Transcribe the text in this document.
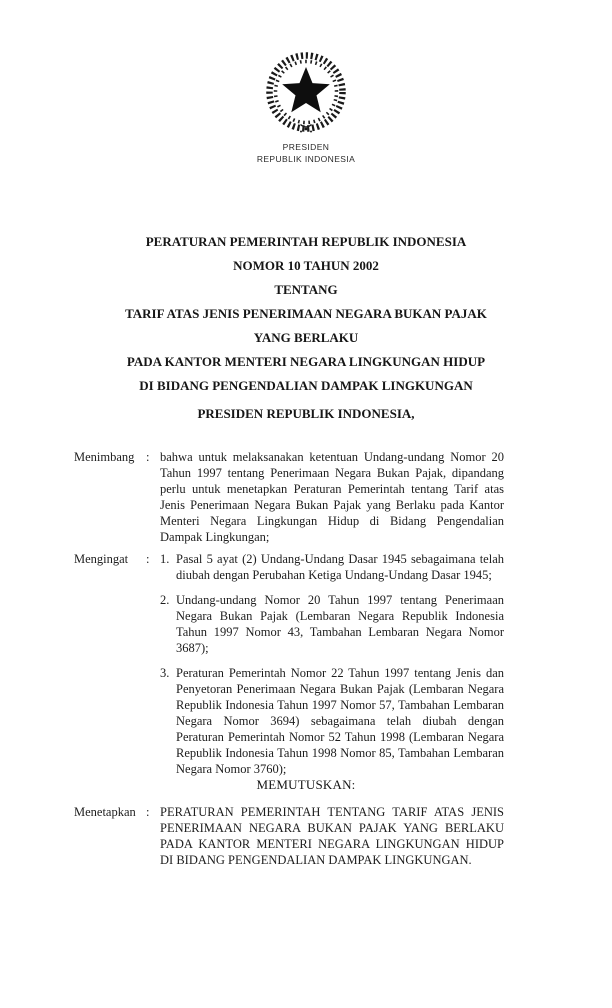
PRESIDEN
REPUBLIK INDONESIA
PERATURAN PEMERINTAH REPUBLIK INDONESIA
NOMOR 10 TAHUN 2002
TENTANG
TARIF ATAS JENIS PENERIMAAN NEGARA BUKAN PAJAK
YANG BERLAKU
PADA KANTOR MENTERI NEGARA LINGKUNGAN HIDUP
DI BIDANG PENGENDALIAN DAMPAK LINGKUNGAN
PRESIDEN REPUBLIK INDONESIA,
Menimbang : bahwa untuk melaksanakan ketentuan Undang-undang Nomor 20 Tahun 1997 tentang Penerimaan Negara Bukan Pajak, dipandang perlu untuk menetapkan Peraturan Pemerintah tentang Tarif atas Jenis Penerimaan Negara Bukan Pajak yang Berlaku pada Kantor Menteri Negara Lingkungan Hidup di Bidang Pengendalian Dampak Lingkungan;
Mengingat	: 1. Pasal 5 ayat (2) Undang-Undang Dasar 1945 sebagaimana telah diubah dengan Perubahan Ketiga Undang-Undang Dasar 1945;
2. Undang-undang Nomor 20 Tahun 1997 tentang Penerimaan Negara Bukan Pajak (Lembaran Negara Republik Indonesia Tahun 1997 Nomor 43, Tambahan Lembaran Negara Nomor 3687);
3. Peraturan Pemerintah Nomor 22 Tahun 1997 tentang Jenis dan Penyetoran Penerimaan Negara Bukan Pajak (Lembaran Negara Republik Indonesia Tahun 1997 Nomor 57, Tambahan Lembaran Negara Nomor 3694) sebagaimana telah diubah dengan Peraturan Pemerintah Nomor 52 Tahun 1998 (Lembaran Negara Republik Indonesia Tahun 1998 Nomor 85, Tambahan Lembaran Negara Nomor 3760);
MEMUTUSKAN:
Menetapkan : PERATURAN PEMERINTAH TENTANG TARIF ATAS JENIS PENERIMAAN NEGARA BUKAN PAJAK YANG BERLAKU PADA KANTOR MENTERI NEGARA LINGKUNGAN HIDUP DI BIDANG PENGENDALIAN DAMPAK LINGKUNGAN.
